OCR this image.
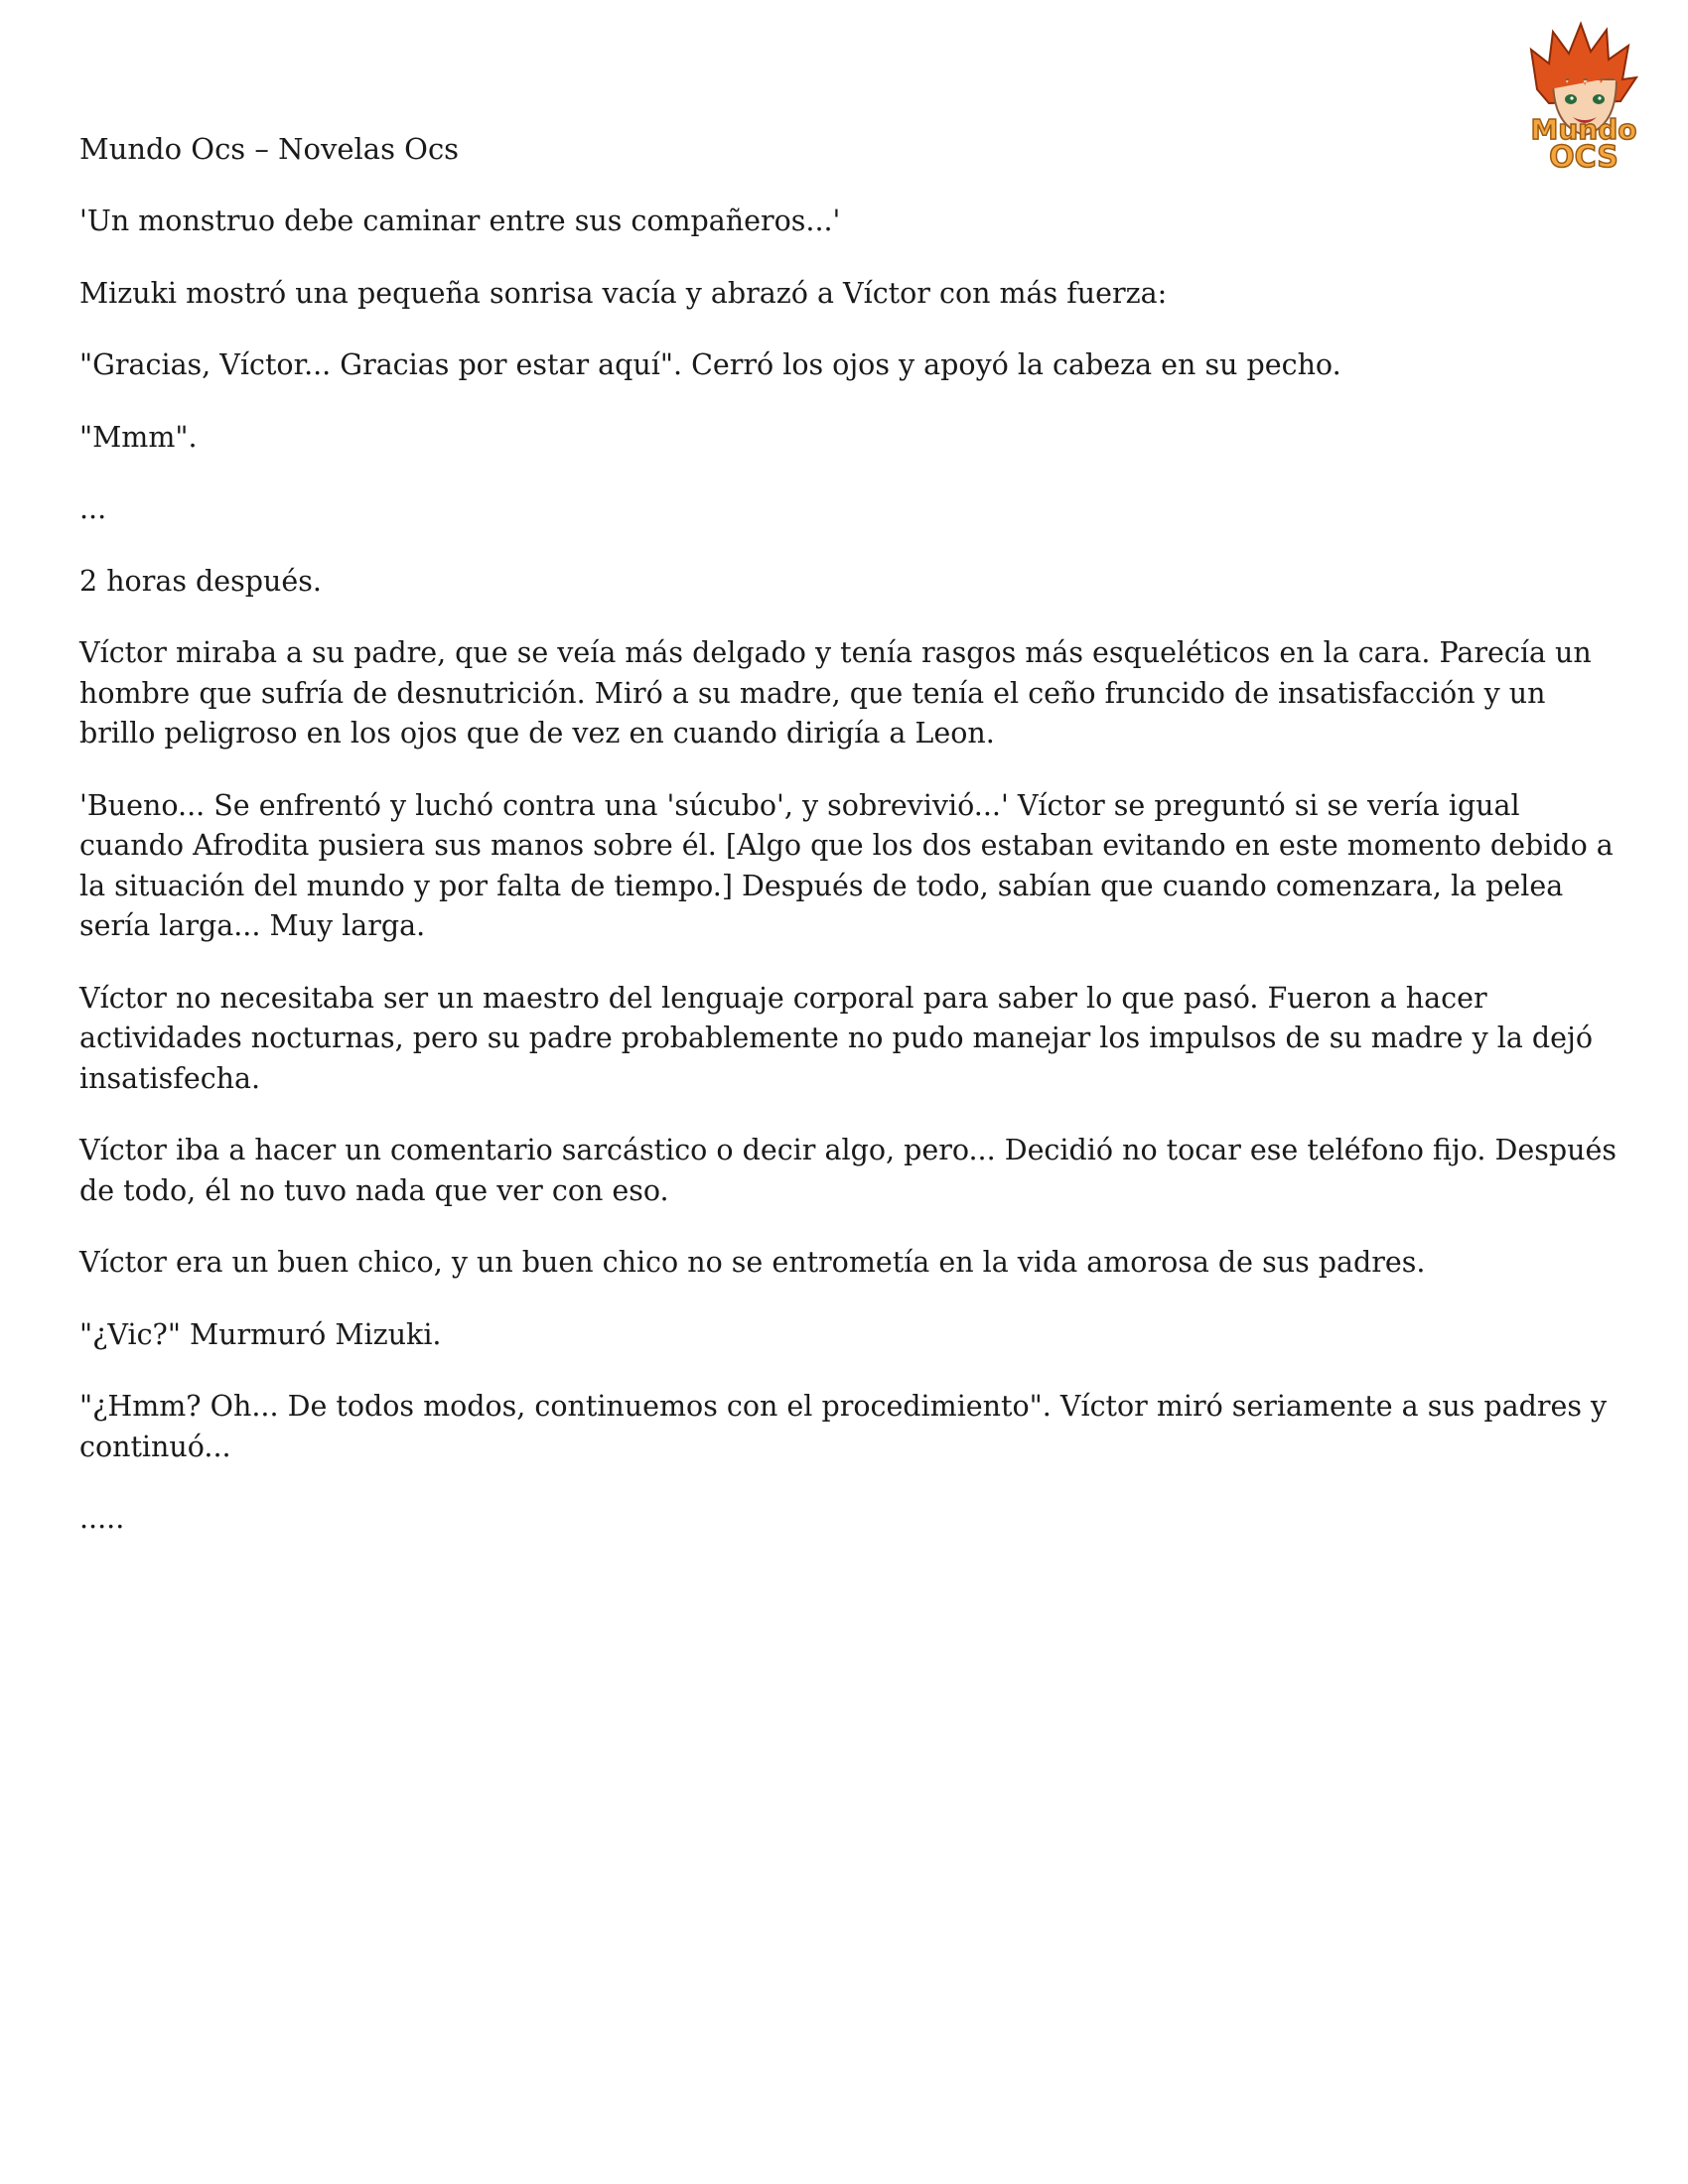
Mundo Ocs – Novelas Ocs

Mundo
OCS

'Un monstruo debe caminar entre sus compañeros...'

Mizuki mostró una pequeña sonrisa vacía y abrazó a Víctor con más fuerza:

"Gracias, Víctor... Gracias por estar aquí". Cerró los ojos y apoyó la cabeza en su pecho.

"Mmm".

...

2 horas después.

Víctor miraba a su padre, que se veía más delgado y tenía rasgos más esqueléticos en la cara. Parecía un hombre que sufría de desnutrición. Miró a su madre, que tenía el ceño fruncido de insatisfacción y un brillo peligroso en los ojos que de vez en cuando dirigía a Leon.

'Bueno... Se enfrentó y luchó contra una 'súcubo', y sobrevivió...' Víctor se preguntó si se vería igual cuando Afrodita pusiera sus manos sobre él. [Algo que los dos estaban evitando en este momento debido a la situación del mundo y por falta de tiempo.] Después de todo, sabían que cuando comenzara, la pelea sería larga... Muy larga.

Víctor no necesitaba ser un maestro del lenguaje corporal para saber lo que pasó. Fueron a hacer actividades nocturnas, pero su padre probablemente no pudo manejar los impulsos de su madre y la dejó insatisfecha.

Víctor iba a hacer un comentario sarcástico o decir algo, pero... Decidió no tocar ese teléfono fijo. Después de todo, él no tuvo nada que ver con eso.

Víctor era un buen chico, y un buen chico no se entrometía en la vida amorosa de sus padres.

"¿Vic?" Murmuró Mizuki.

"¿Hmm? Oh... De todos modos, continuemos con el procedimiento". Víctor miró seriamente a sus padres y continuó...

.....
